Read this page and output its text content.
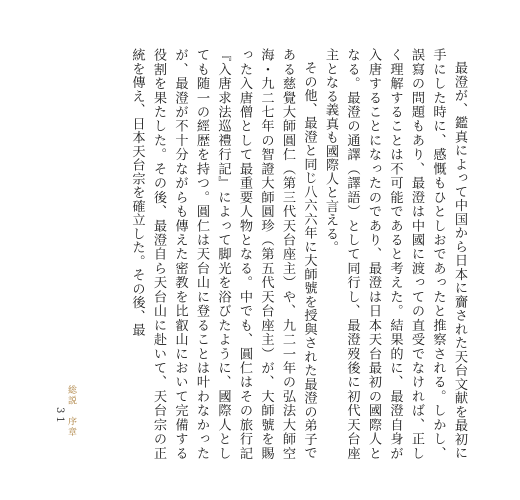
最澄が、鑑真によって中国から日本に齎された天台文献を最初に手にした時に、感慨もひとしおであったと推察される。しかし、誤寫の問題もあり、最澄は中國に渡っての直受でなければ、正しく理解することは不可能であると考えた。結果的に、最澄自身が入唐することになったのであり、最澄は日本天台最初の國際人となる。最澄の通譯（譯語）として同行し、最澄歿後に初代天台座主となる義真も國際人と言える。

その他、最澄と同じ八六六年に大師號を授與された最澄の弟子である慈覺大師圓仁（第三代天台座主）や、九二一年の弘法大師空海・九二七年の智證大師圓珍（第五代天台座主）が、大師號を賜った入唐僧として最重要人物となる。中でも、圓仁はその旅行記『入唐求法巡禮行記』によって脚光を浴びたように、國際人としても随一の經歴を持つ。圓仁は天台山に登ることは叶わなかったが、最澄が不十分ながらも傳えた密教を比叡山において完備する役割を果たした。その後、最澄自ら天台山に赴いて、天台宗の正統を傳え、日本天台宗を確立した。その後、最

総説　序章
31
